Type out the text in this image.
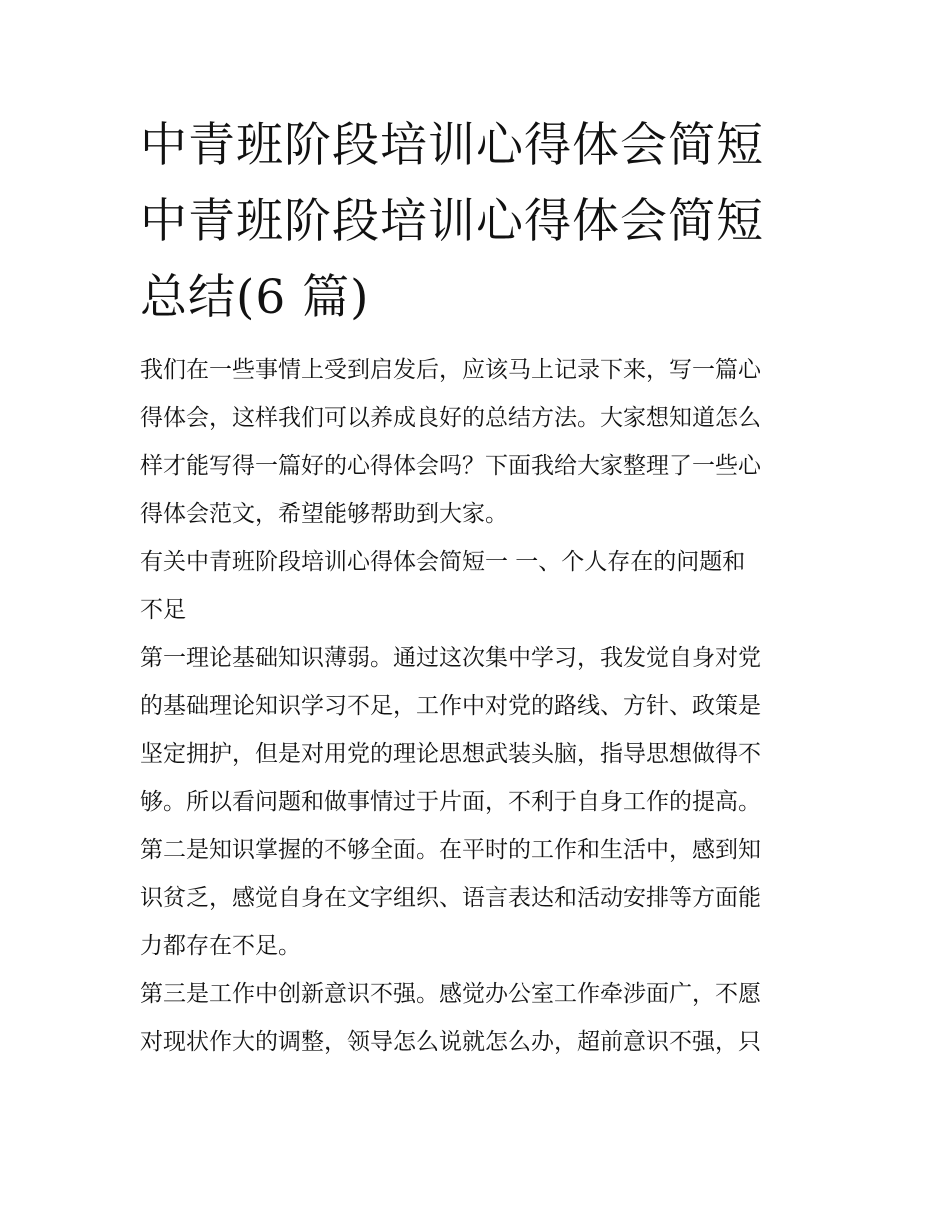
中青班阶段培训心得体会简短
中青班阶段培训心得体会简短
总结(6 篇)

我们在一些事情上受到启发后，应该马上记录下来，写一篇心
得体会，这样我们可以养成良好的总结方法。大家想知道怎么
样才能写得一篇好的心得体会吗？下面我给大家整理了一些心
得体会范文，希望能够帮助到大家。

有关中青班阶段培训心得体会简短一 一、个人存在的问题和
不足

第一理论基础知识薄弱。通过这次集中学习，我发觉自身对党
的基础理论知识学习不足，工作中对党的路线、方针、政策是
坚定拥护，但是对用党的理论思想武装头脑，指导思想做得不
够。所以看问题和做事情过于片面，不利于自身工作的提高。

第二是知识掌握的不够全面。在平时的工作和生活中，感到知
识贫乏，感觉自身在文字组织、语言表达和活动安排等方面能
力都存在不足。

第三是工作中创新意识不强。感觉办公室工作牵涉面广，不愿
对现状作大的调整，领导怎么说就怎么办，超前意识不强，只
